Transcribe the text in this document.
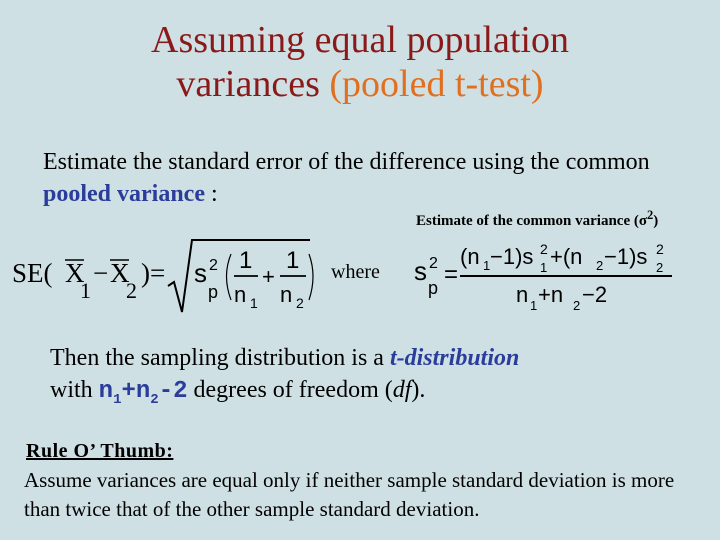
Assuming equal population
variances (pooled t-test)
Estimate the standard error of the difference using the common pooled variance :
Estimate of the common variance $(\sigma^2)$
SE( X
1
− X
2
)= s 2
p
1
n 1
+
1
n 2
where s 2
p =
(n 1 −1)s 2
1 +(n 2 −1)s 2
2
n 1 +n 2 −2
Then the sampling distribution is a t-distribution
with $n_1+n_2-2$ degrees of freedom (df).
Rule O’ Thumb:
Assume variances are equal only if neither sample standard deviation is more than twice that of the other sample standard deviation.
